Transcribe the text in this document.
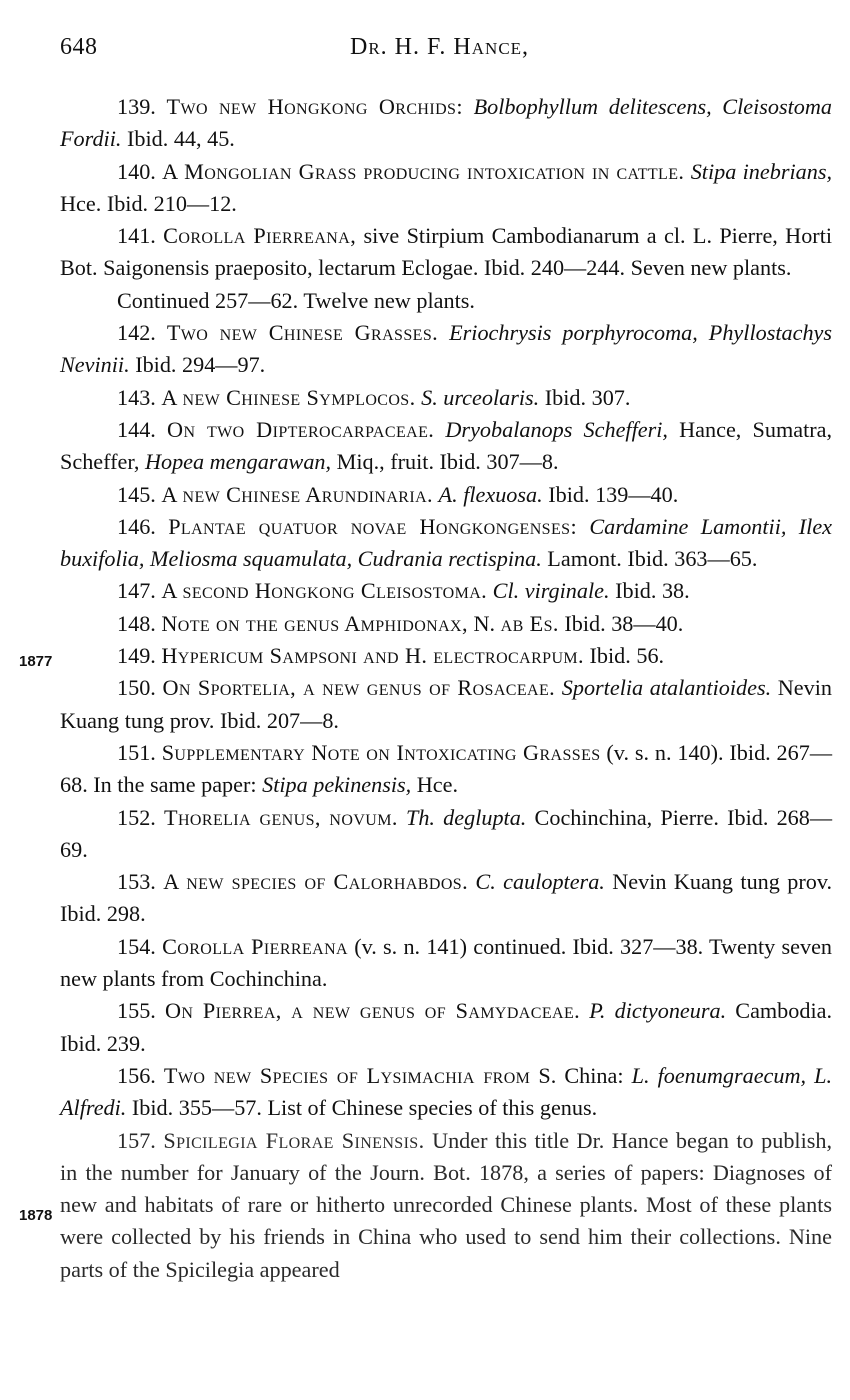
648	Dr. H. F. Hance,
1877
1878

139. Two new Hongkong Orchids: Bolbophyllum delitescens, Cleisostoma Fordii. Ibid. 44, 45.

140. A Mongolian Grass producing intoxication in cattle. Stipa inebrians, Hce. Ibid. 210—12.

141. Corolla Pierreana, sive Stirpium Cambodianarum a cl. L. Pierre, Horti Bot. Saigonensis praeposito, lectarum Eclogae. Ibid. 240—244. Seven new plants.

Continued 257—62. Twelve new plants.

142. Two new Chinese Grasses. Eriochrysis porphyrocoma, Phyllostachys Nevinii. Ibid. 294—97.

143. A new Chinese Symplocos. S. urceolaris. Ibid. 307.

144. On two Dipterocarpaceae. Dryobalanops Schefferi, Hance, Sumatra, Scheffer, Hopea mengarawan, Miq., fruit. Ibid. 307—8.

145. A new Chinese Arundinaria. A. flexuosa. Ibid. 139—40.

146. Plantae quatuor novae Hongkongenses: Cardamine Lamontii, Ilex buxifolia, Meliosma squamulata, Cudrania rectispina. Lamont. Ibid. 363—65.

147. A second Hongkong Cleisostoma. Cl. virginale. Ibid. 38.

148. Note on the genus Amphidonax, N. ab Es. Ibid. 38—40.

149. Hypericum Sampsoni and H. electrocarpum. Ibid. 56.

150. On Sportelia, a new genus of Rosaceae. Sportelia atalantioides. Nevin Kuang tung prov. Ibid. 207—8.

151. Supplementary Note on Intoxicating Grasses (v. s. n. 140). Ibid. 267—68. In the same paper: Stipa pekinensis, Hce.

152. Thorelia genus, novum. Th. deglupta. Cochinchina, Pierre. Ibid. 268—69.

153. A new species of Calorhabdos. C. cauloptera. Nevin Kuang tung prov. Ibid. 298.

154. Corolla Pierreana (v. s. n. 141) continued. Ibid. 327—38. Twenty seven new plants from Cochinchina.

155. On Pierrea, a new genus of Samydaceae. P. dictyoneura. Cambodia. Ibid. 239.

156. Two new Species of Lysimachia from S. China: L. foenumgraecum, L. Alfredi. Ibid. 355—57. List of Chinese species of this genus.

157. Spicilegia Florae Sinensis. Under this title Dr. Hance began to publish, in the number for January of the Journ. Bot. 1878, a series of papers: Diagnoses of new and habitats of rare or hitherto unrecorded Chinese plants. Most of these plants were collected by his friends in China who used to send him their collections. Nine parts of the Spicilegia appeared
